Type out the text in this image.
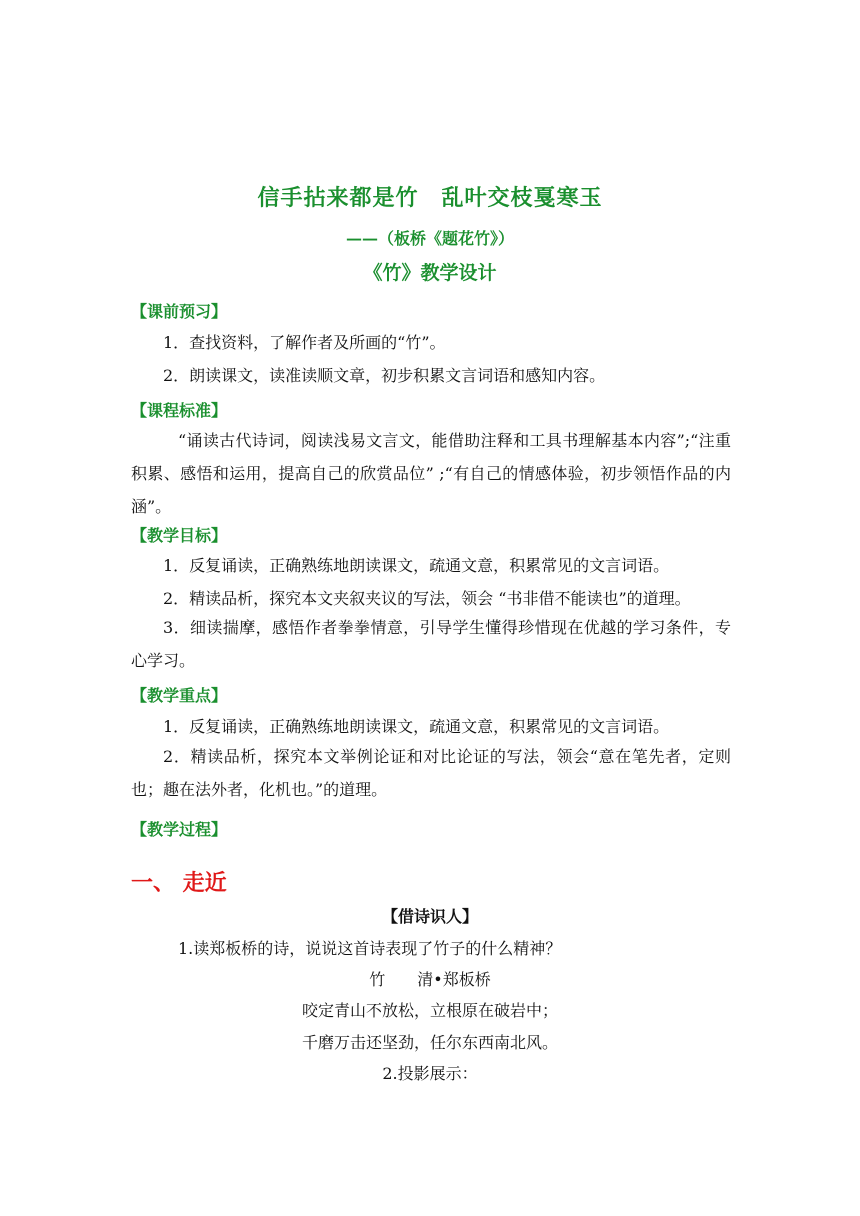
信手拈来都是竹　乱叶交枝戛寒玉
——（板桥《题花竹》）
《竹》教学设计
【课前预习】
1．查找资料，了解作者及所画的“竹”。
2．朗读课文，读准读顺文章，初步积累文言词语和感知内容。
【课程标准】
“诵读古代诗词，阅读浅易文言文，能借助注释和工具书理解基本内容”;“注重积累、感悟和运用，提高自己的欣赏品位” ;“有自己的情感体验，初步领悟作品的内涵”。
【教学目标】
1．反复诵读，正确熟练地朗读课文，疏通文意，积累常见的文言词语。
2．精读品析，探究本文夹叙夹议的写法，领会 “书非借不能读也”的道理。
3．细读揣摩，感悟作者拳拳情意，引导学生懂得珍惜现在优越的学习条件，专心学习。
【教学重点】
1．反复诵读，正确熟练地朗读课文，疏通文意，积累常见的文言词语。
2．精读品析，探究本文举例论证和对比论证的写法，领会“意在笔先者，定则也；趣在法外者，化机也。”的道理。
【教学过程】
一、 走近
【借诗识人】
1.读郑板桥的诗，说说这首诗表现了竹子的什么精神？
竹　　清•郑板桥
咬定青山不放松，立根原在破岩中；
千磨万击还坚劲，任尔东西南北风。
2.投影展示：
